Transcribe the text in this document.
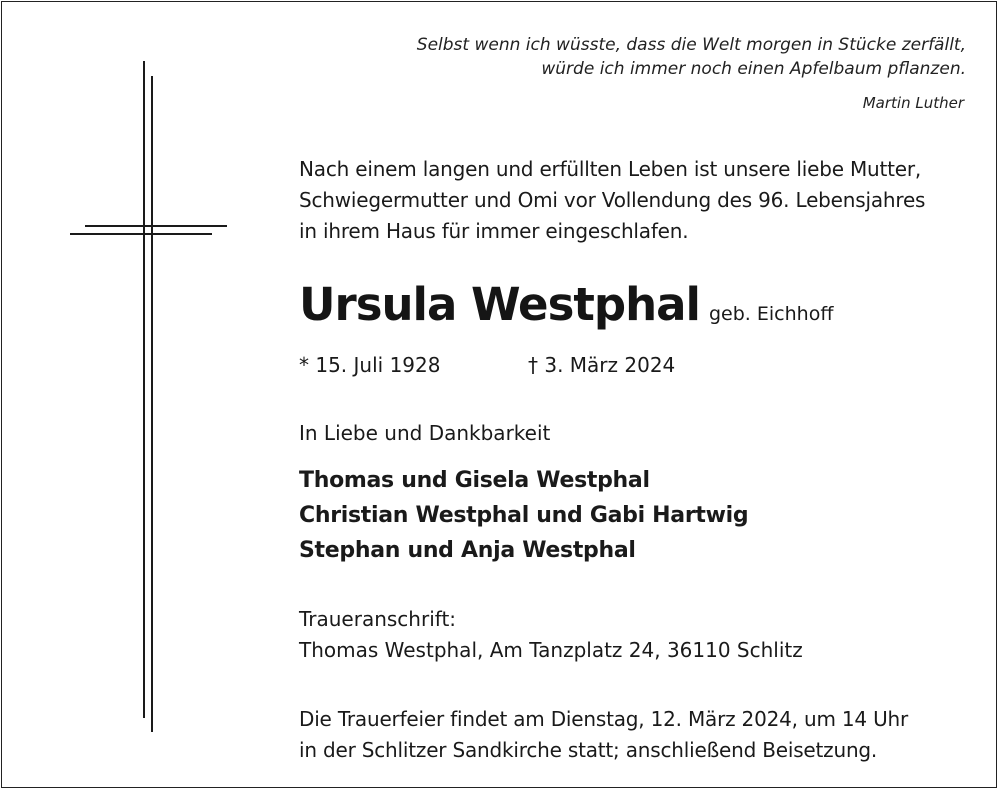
Selbst wenn ich wüsste, dass die Welt morgen in Stücke zerfällt,
würde ich immer noch einen Apfelbaum pflanzen.
Martin Luther
Nach einem langen und erfüllten Leben ist unsere liebe Mutter,
Schwiegermutter und Omi vor Vollendung des 96. Lebensjahres
in ihrem Haus für immer eingeschlafen.
Ursula Westphal geb. Eichhoff
* 15. Juli 1928	† 3. März 2024
In Liebe und Dankbarkeit
Thomas und Gisela Westphal
Christian Westphal und Gabi Hartwig
Stephan und Anja Westphal
Traueranschrift:
Thomas Westphal, Am Tanzplatz 24, 36110 Schlitz
Die Trauerfeier findet am Dienstag, 12. März 2024, um 14 Uhr
in der Schlitzer Sandkirche statt; anschließend Beisetzung.
